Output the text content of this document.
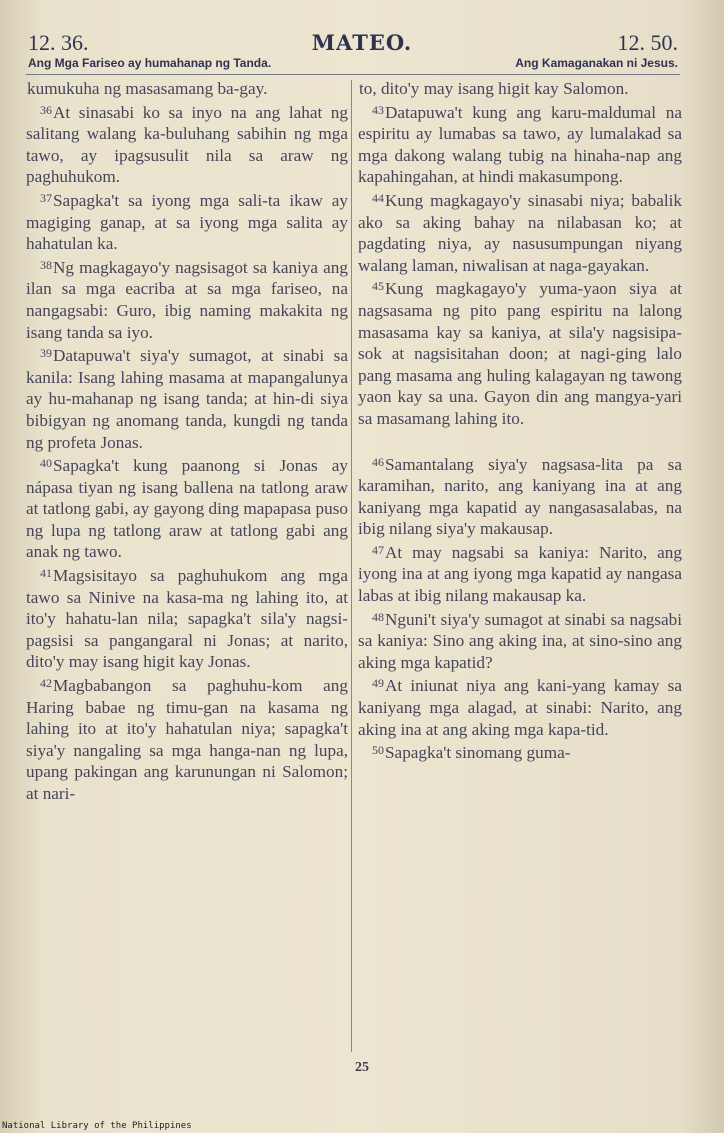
12. 36.	MATEO.	12. 50.
Ang Mga Fariseo ay humahanap ng Tanda.	Ang Kamaganakan ni Jesus.

kumukuha ng masasamang ba-gay.

$^{36}$At sinasabi ko sa inyo na ang lahat ng salitang walang ka-buluhang sabihin ng mga tawo, ay ipagsusulit nila sa araw ng paghuhukom.

$^{37}$Sapagka't sa iyong mga sali-ta ikaw ay magiging ganap, at sa iyong mga salita ay hahatulan ka.

$^{38}$Ng magkagayo'y nagsisagot sa kaniya ang ilan sa mga eacriba at sa mga fariseo, na nangagsabi: Guro, ibig naming makakita ng isang tanda sa iyo.

$^{39}$Datapuwa't siya'y sumagot, at sinabi sa kanila: Isang lahing masama at mapangalunya ay hu-mahanap ng isang tanda; at hin-di siya bibigyan ng anomang tanda, kungdi ng tanda ng profeta Jonas.

$^{40}$Sapagka't kung paanong si Jonas ay nápasa tiyan ng isang ballena na tatlong araw at tatlong gabi, ay gayong ding mapapasa puso ng lupa ng tatlong araw at tatlong gabi ang anak ng tawo.

$^{41}$Magsisitayo sa paghuhukom ang mga tawo sa Ninive na kasa-ma ng lahing ito, at ito'y hahatu-lan nila; sapagka't sila'y nagsi-pagsisi sa pangangaral ni Jonas; at narito, dito'y may isang higit kay Jonas.

$^{42}$Magbabangon sa paghuhu-kom ang Haring babae ng timu-gan na kasama ng lahing ito at ito'y hahatulan niya; sapagka't siya'y nangaling sa mga hanga-nan ng lupa, upang pakingan ang karunungan ni Salomon; at nari-

to, dito'y may isang higit kay Salomon.

$^{43}$Datapuwa't kung ang karu-maldumal na espiritu ay lumabas sa tawo, ay lumalakad sa mga dakong walang tubig na hinaha-nap ang kapahingahan, at hindi makasumpong.

$^{44}$Kung magkagayo'y sinasabi niya; babalik ako sa aking bahay na nilabasan ko; at pagdating niya, ay nasusumpungan niyang walang laman, niwalisan at naga-gayakan.

$^{45}$Kung magkagayo'y yuma-yaon siya at nagsasama ng pito pang espiritu na lalong masasama kay sa kaniya, at sila'y nagsisipa-sok at nagsisitahan doon; at nagi-ging lalo pang masama ang huling kalagayan ng tawong yaon kay sa una. Gayon din ang mangya-yari sa masamang lahing ito.

$^{46}$Samantalang siya'y nagsasa-lita pa sa karamihan, narito, ang kaniyang ina at ang kaniyang mga kapatid ay nangasasalabas, na ibig nilang siya'y makausap.

$^{47}$At may nagsabi sa kaniya: Narito, ang iyong ina at ang iyong mga kapatid ay nangasa labas at ibig nilang makausap ka.

$^{48}$Nguni't siya'y sumagot at sinabi sa nagsabi sa kaniya: Sino ang aking ina, at sino-sino ang aking mga kapatid?

$^{49}$At iniunat niya ang kani-yang kamay sa kaniyang mga alagad, at sinabi: Narito, ang aking ina at ang aking mga kapa-tid.

$^{50}$Sapagka't sinomang guma-

25
National Library of the Philippines
